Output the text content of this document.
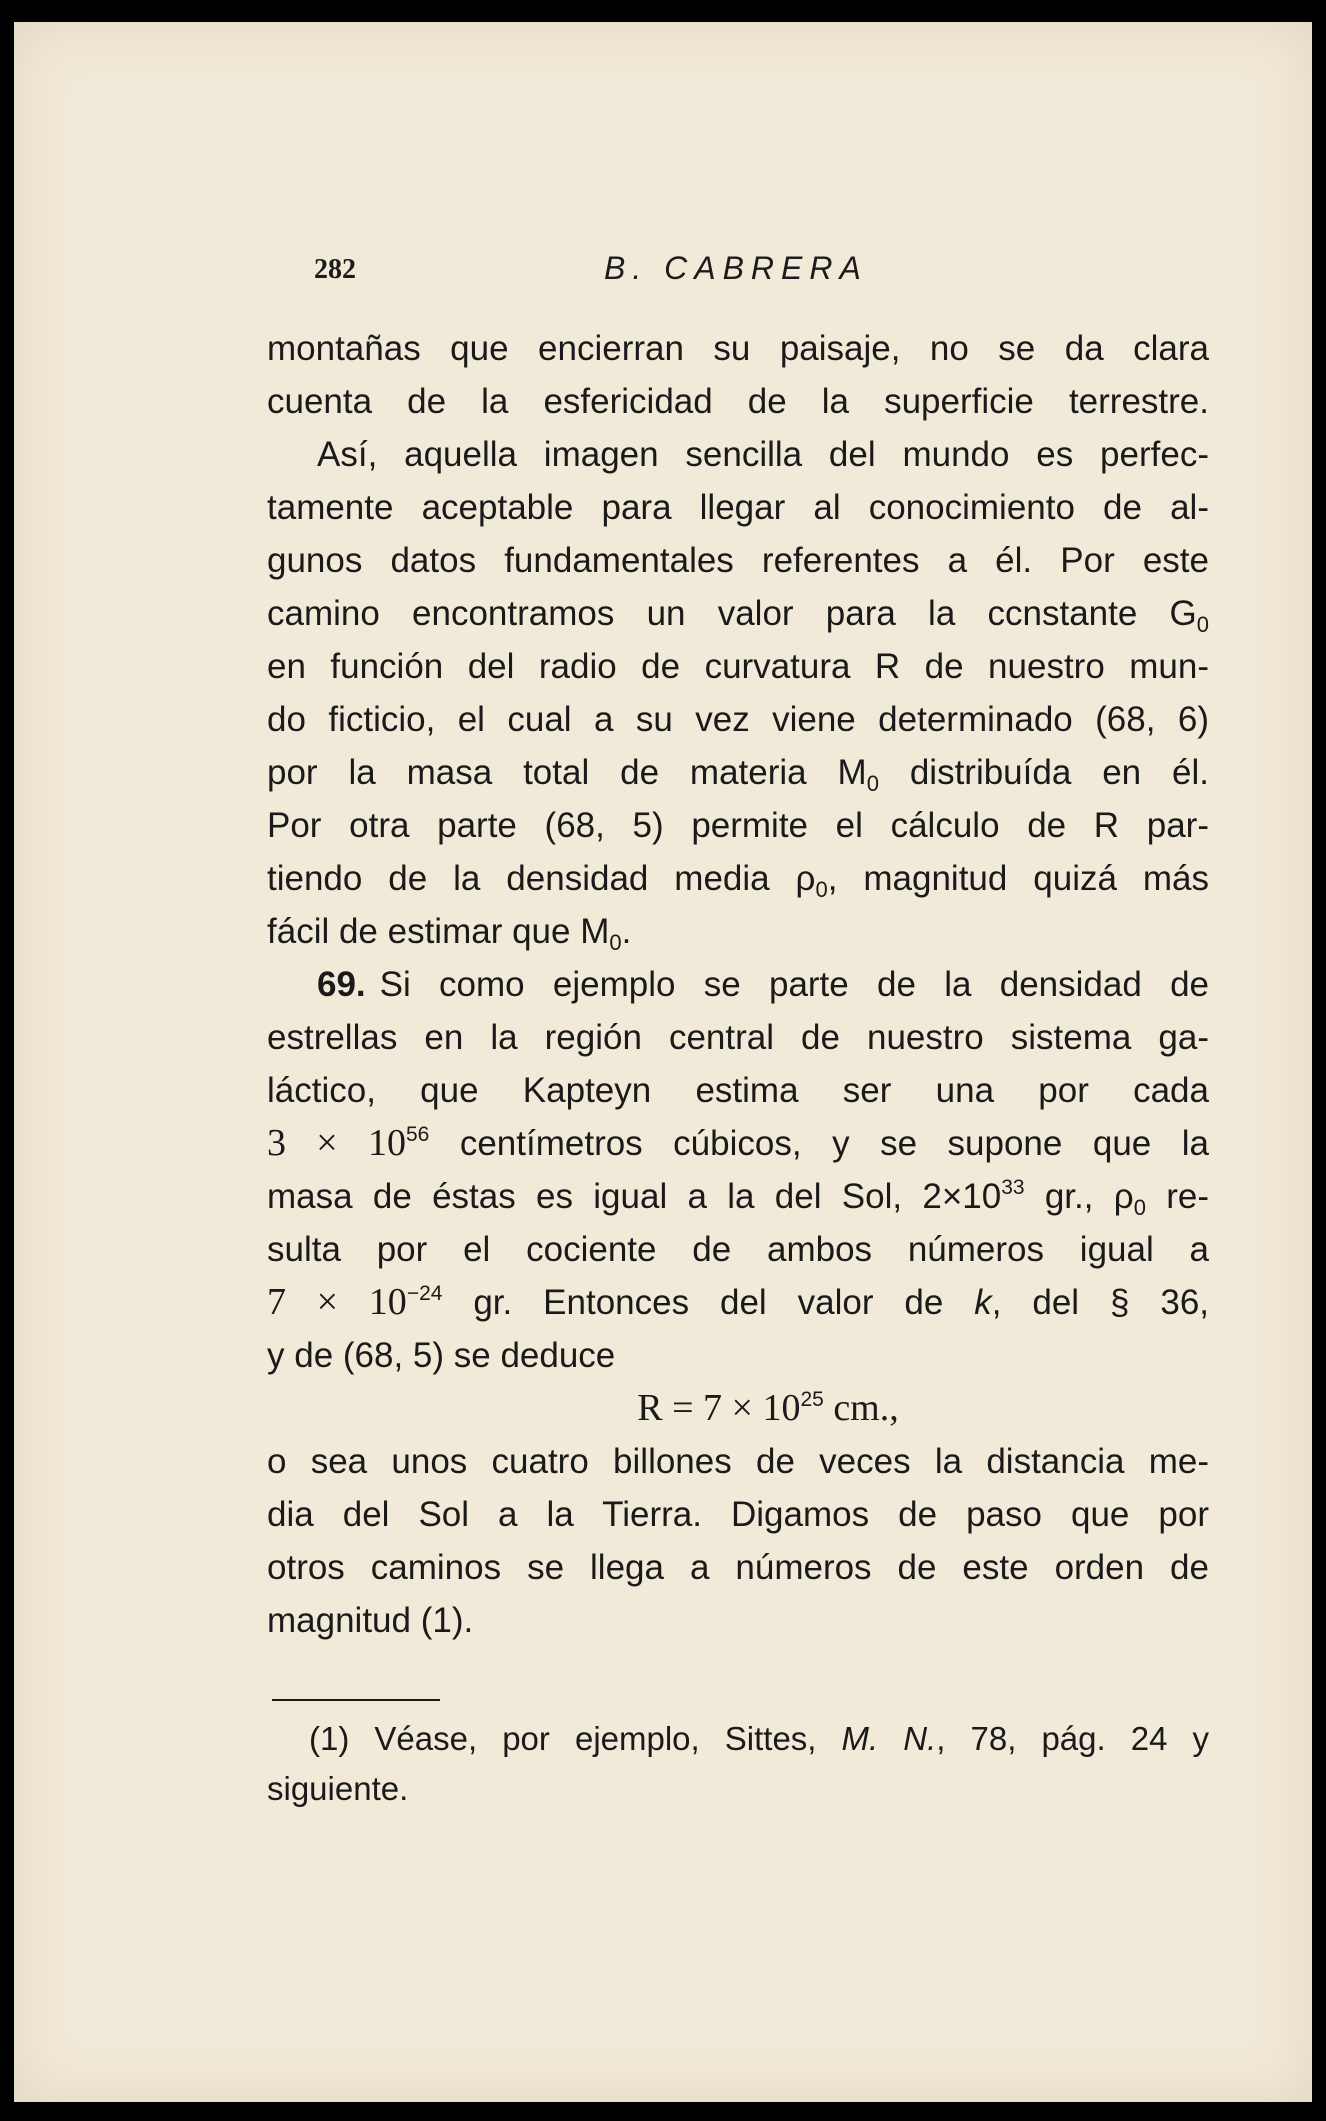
282	B. CABRERA
montañas que encierran su paisaje, no se da clara
cuenta de la esfericidad de la superficie terrestre.
Así, aquella imagen sencilla del mundo es perfec-
tamente aceptable para llegar al conocimiento de al-
gunos datos fundamentales referentes a él. Por este
camino encontramos un valor para la ccnstante $G_0$
en función del radio de curvatura R de nuestro mun-
do ficticio, el cual a su vez viene determinado (68, 6)
por la masa total de materia $M_0$ distribuída en él.
Por otra parte (68, 5) permite el cálculo de R par-
tiendo de la densidad media $\rho_0$, magnitud quizá más
fácil de estimar que $M_0$.
69. Si como ejemplo se parte de la densidad de
estrellas en la región central de nuestro sistema ga-
láctico, que Kapteyn estima ser una por cada
$3 \times 10^{56}$ centímetros cúbicos, y se supone que la
masa de éstas es igual a la del Sol, $2\times 10^{33}$ gr., $\rho_0$ re-
sulta por el cociente de ambos números igual a
$7 \times 10^{-24}$ gr. Entonces del valor de k, del § 36,
y de (68, 5) se deduce
$R = 7 \times 10^{25}$ cm.,
o sea unos cuatro billones de veces la distancia me-
dia del Sol a la Tierra. Digamos de paso que por
otros caminos se llega a números de este orden de
magnitud (1).
(1) Véase, por ejemplo, Sittes, M. N., 78, pág. 24 y
siguiente.
